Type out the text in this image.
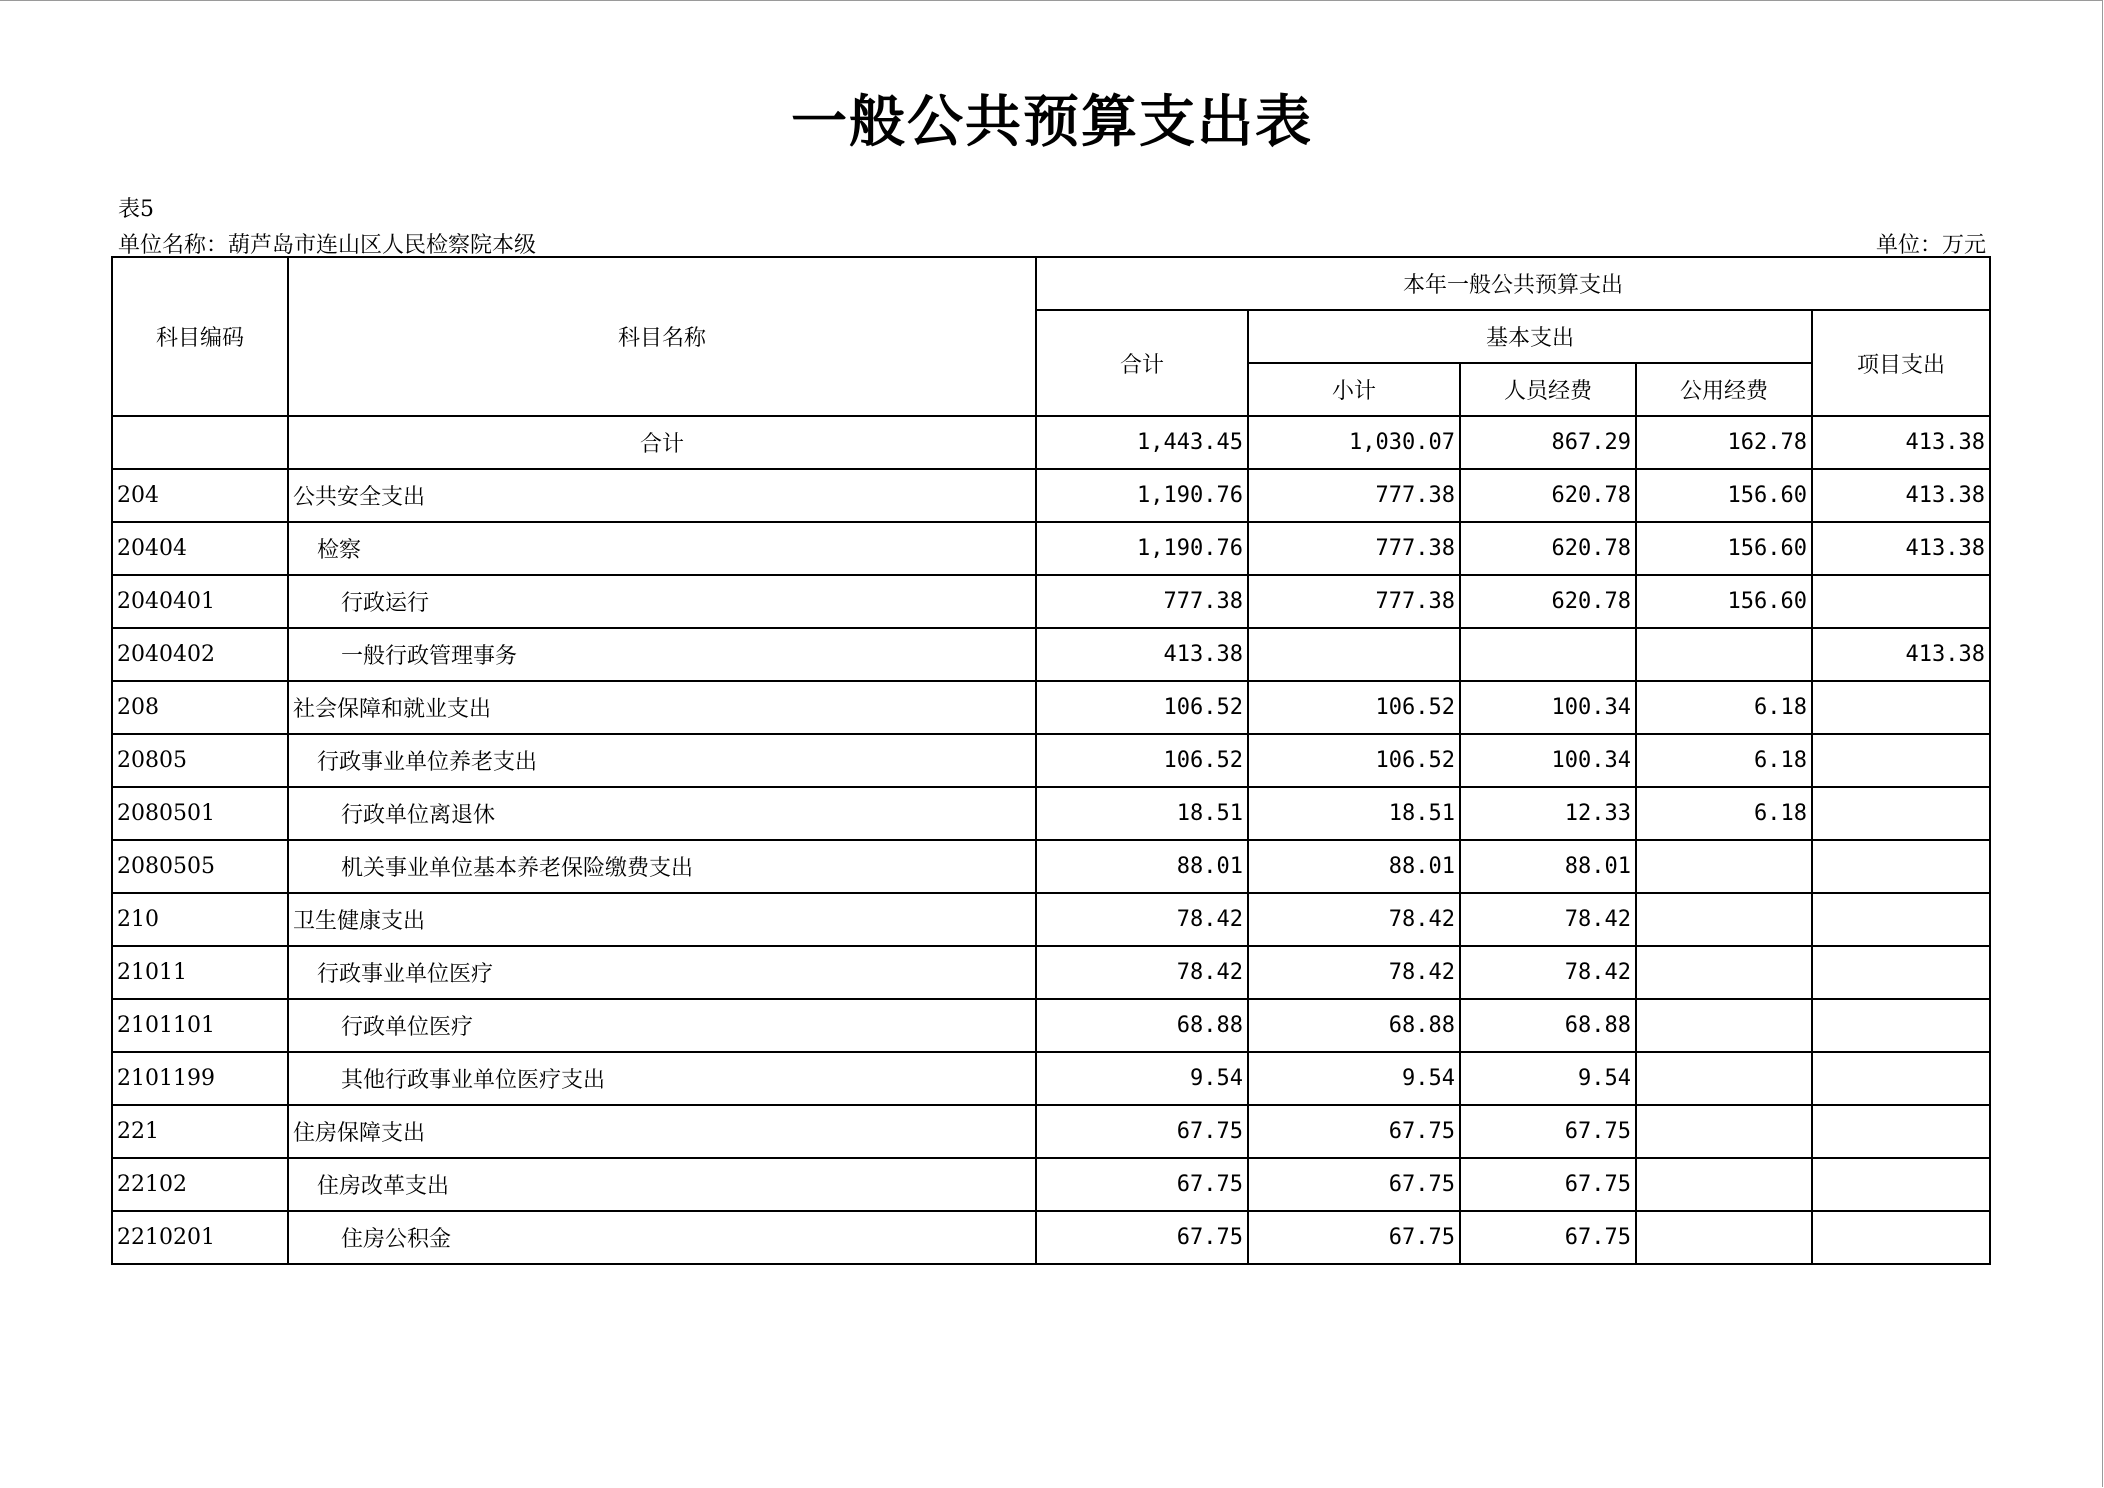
一般公共预算支出表
表5
单位名称：葫芦岛市连山区人民检察院本级	单位：万元
科目编码	科目名称	本年一般公共预算支出				
		合计	基本支出			项目支出
			小计	人员经费	公用经费	
	合计	1,443.45	1,030.07	867.29	162.78	413.38
204	公共安全支出	1,190.76	777.38	620.78	156.60	413.38
20404	检察	1,190.76	777.38	620.78	156.60	413.38
2040401	行政运行	777.38	777.38	620.78	156.60	
2040402	一般行政管理事务	413.38				413.38
208	社会保障和就业支出	106.52	106.52	100.34	6.18	
20805	行政事业单位养老支出	106.52	106.52	100.34	6.18	
2080501	行政单位离退休	18.51	18.51	12.33	6.18	
2080505	机关事业单位基本养老保险缴费支出	88.01	88.01	88.01		
210	卫生健康支出	78.42	78.42	78.42		
21011	行政事业单位医疗	78.42	78.42	78.42		
2101101	行政单位医疗	68.88	68.88	68.88		
2101199	其他行政事业单位医疗支出	9.54	9.54	9.54		
221	住房保障支出	67.75	67.75	67.75		
22102	住房改革支出	67.75	67.75	67.75		
2210201	住房公积金	67.75	67.75	67.75		
